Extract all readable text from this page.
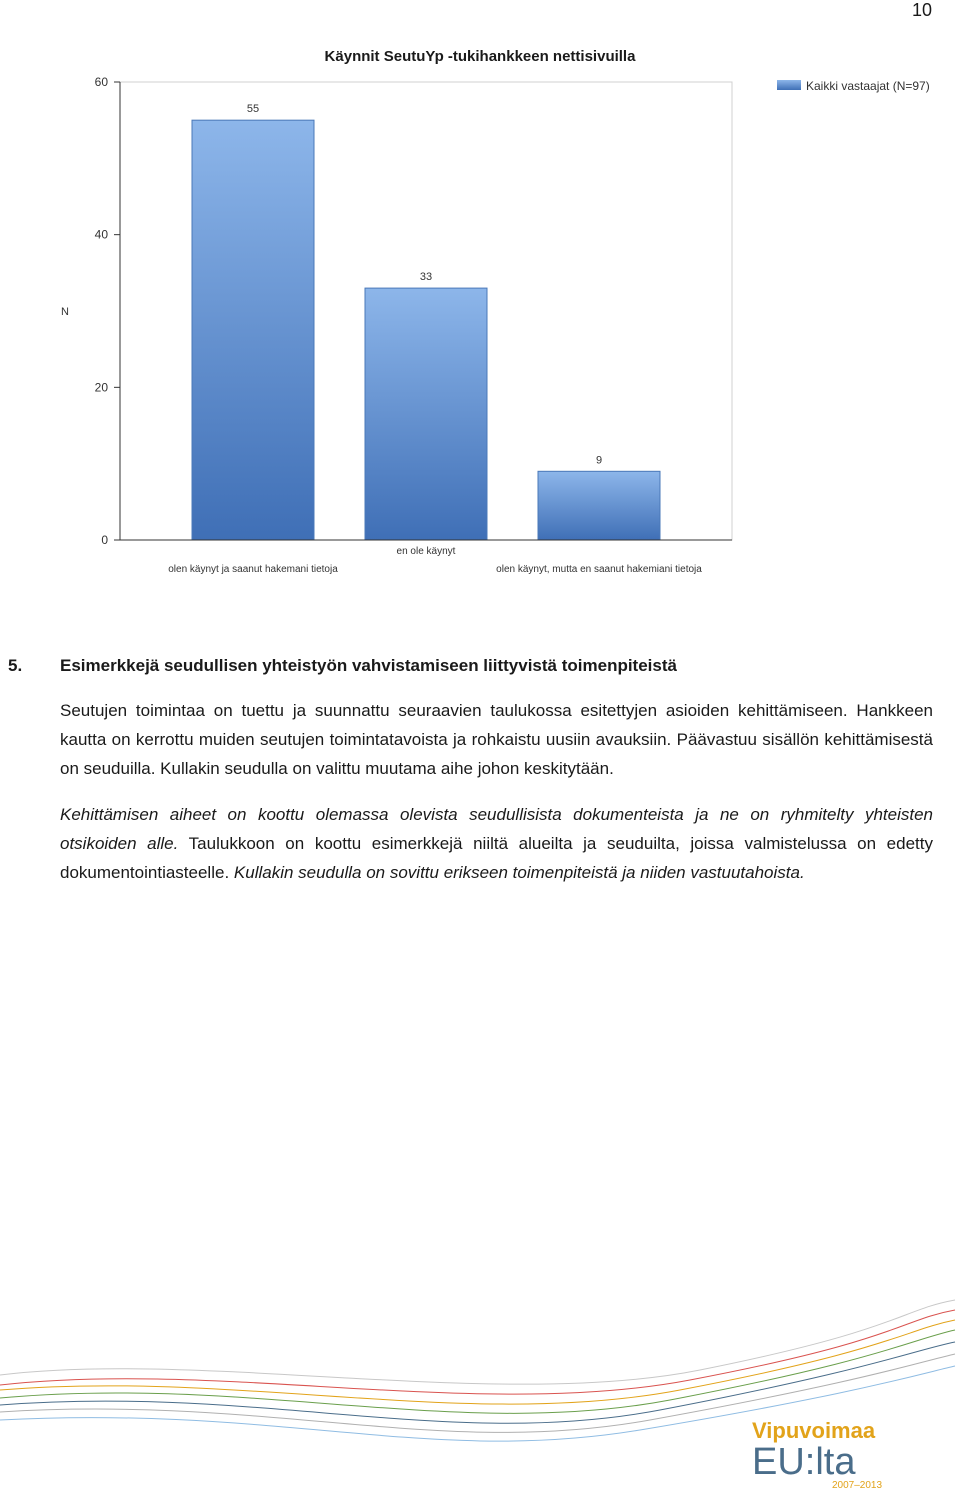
10
Käynnit SeutuYp -tukihankkeen nettisivuilla
55
33
9
0
20
40
60
olen käynyt ja saanut hakemani tietoja
en ole käynyt
olen käynyt, mutta en saanut hakemiani tietoja
N
Kaikki vastaajat (N=97)
5. Esimerkkejä seudullisen yhteistyön vahvistamiseen liittyvistä toimenpiteistä

Seutujen toimintaa on tuettu ja suunnattu seuraavien taulukossa esitettyjen asioiden kehittämiseen. Hankkeen kautta on kerrottu muiden seutujen toimintatavoista ja rohkaistu uusiin avauksiin. Päävastuu sisällön kehittämisestä on seuduilla. Kullakin seudulla on valittu muutama aihe johon keskitytään.

Kehittämisen aiheet on koottu olemassa olevista seudullisista dokumenteista ja ne on ryhmitelty yhteisten otsikoiden alle. Taulukkoon on koottu esimerkkejä niiltä alueilta ja seuduilta, joissa valmistelussa on edetty dokumentointiasteelle. Kullakin seudulla on sovittu erikseen toimenpiteistä ja niiden vastuutahoista.

Vipuvoimaa
EU:lta
2007–2013
